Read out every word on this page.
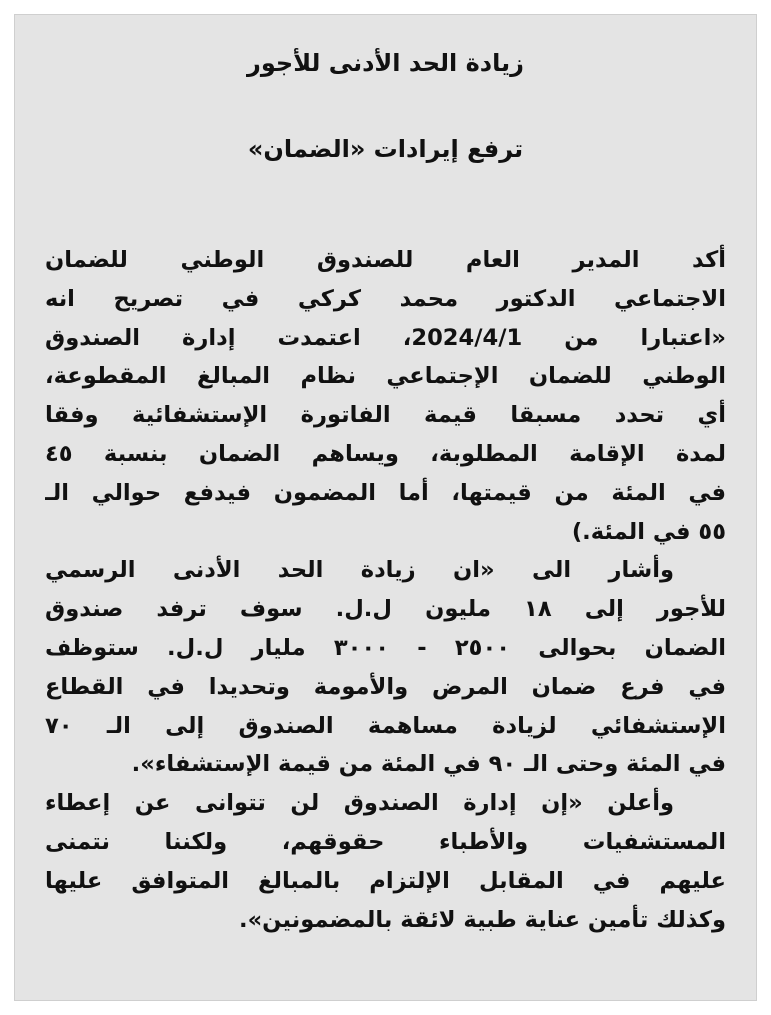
زيادة الحد الأدنى للأجور
ترفع إيرادات «الضمان»
أكد المدير العام للصندوق الوطني للضمان
الاجتماعي الدكتور محمد كركي في تصريح انه
«اعتبارا من 2024/4/1، اعتمدت إدارة الصندوق
الوطني للضمان الإجتماعي نظام المبالغ المقطوعة،
أي تحدد مسبقا قيمة الفاتورة الإستشفائية وفقا
لمدة الإقامة المطلوبة، ويساهم الضمان بنسبة ٤٥
في المئة من قيمتها، أما المضمون فيدفع حوالي الـ
٥٥ في المئة.)
وأشار الى «ان زيادة الحد الأدنى الرسمي
للأجور إلى ١٨ مليون ل.ل. سوف ترفد صندوق
الضمان بحوالى ٢٥٠٠ - ٣٠٠٠ مليار ل.ل. ستوظف
في فرع ضمان المرض والأمومة وتحديدا في القطاع
الإستشفائي لزيادة مساهمة الصندوق إلى الـ ٧٠
في المئة وحتى الـ ٩٠ في المئة من قيمة الإستشفاء».
وأعلن «إن إدارة الصندوق لن تتوانى عن إعطاء
المستشفيات والأطباء حقوقهم، ولكننا نتمنى
عليهم في المقابل الإلتزام بالمبالغ المتوافق عليها
وكذلك تأمين عناية طبية لائقة بالمضمونين».
